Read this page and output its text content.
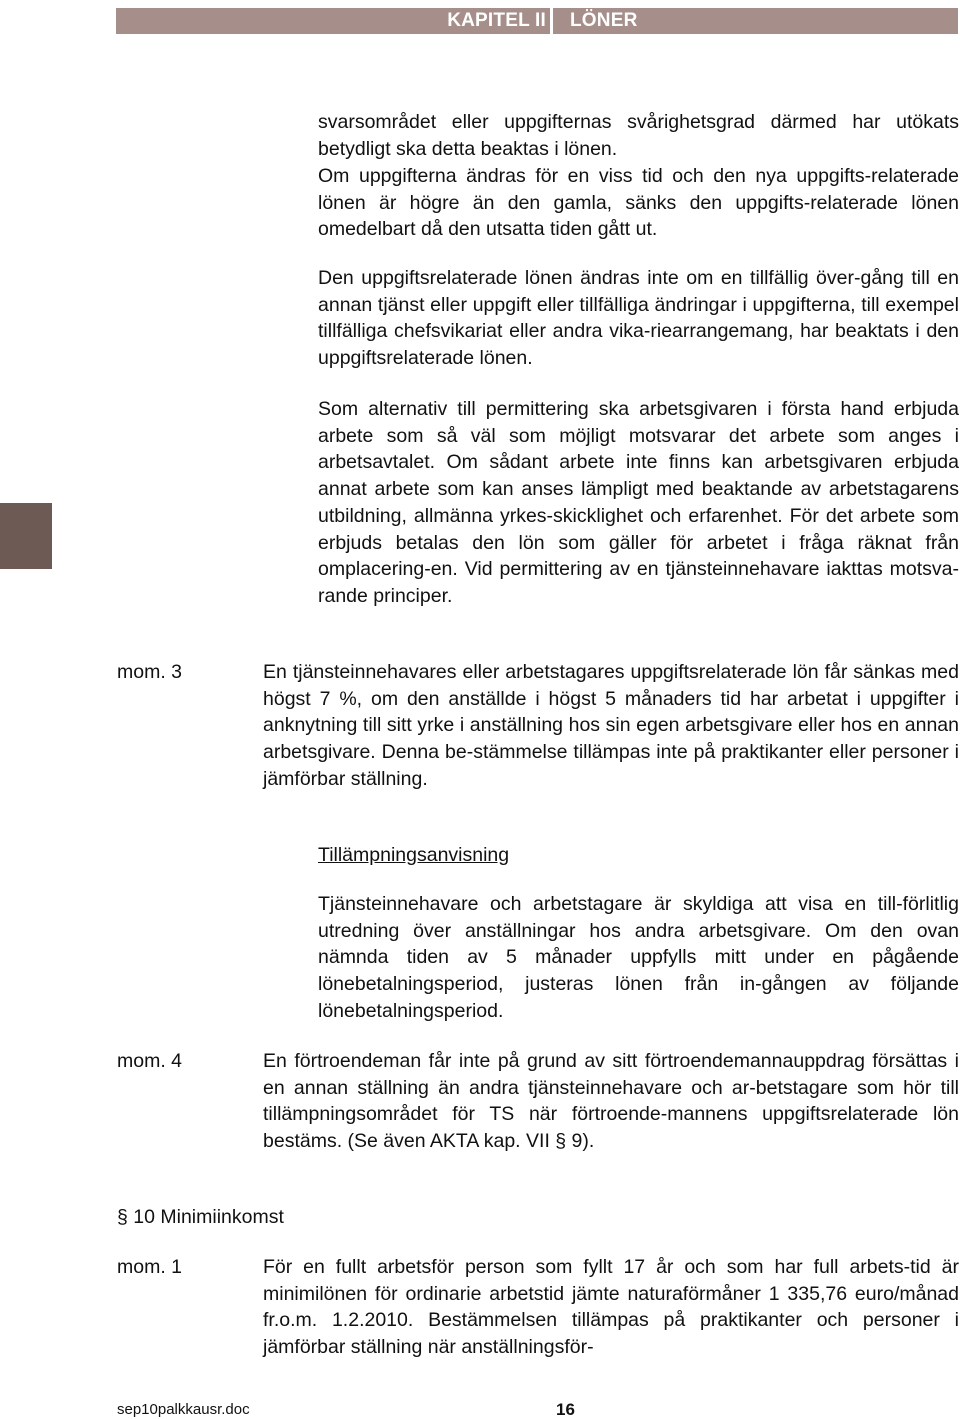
KAPITEL II LÖNER

svarsområdet eller uppgifternas svårighetsgrad därmed har utökats betydligt ska detta beaktas i lönen.

Om uppgifterna ändras för en viss tid och den nya uppgifts-relaterade lönen är högre än den gamla, sänks den uppgifts-relaterade lönen omedelbart då den utsatta tiden gått ut.

Den uppgiftsrelaterade lönen ändras inte om en tillfällig över-gång till en annan tjänst eller uppgift eller tillfälliga ändringar i uppgifterna, till exempel tillfälliga chefsvikariat eller andra vika-riearrangemang, har beaktats i den uppgiftsrelaterade lönen.

Som alternativ till permittering ska arbetsgivaren i första hand erbjuda arbete som så väl som möjligt motsvarar det arbete som anges i arbetsavtalet. Om sådant arbete inte finns kan arbetsgivaren erbjuda annat arbete som kan anses lämpligt med beaktande av arbetstagarens utbildning, allmänna yrkes-skicklighet och erfarenhet. För det arbete som erbjuds betalas den lön som gäller för arbetet i fråga räknat från omplacering-en. Vid permittering av en tjänsteinnehavare iakttas motsva-rande principer.

mom. 3	En tjänsteinnehavares eller arbetstagares uppgiftsrelaterade lön får sänkas med högst 7 %, om den anställde i högst 5 månaders tid har arbetat i uppgifter i anknytning till sitt yrke i anställning hos sin egen arbetsgivare eller hos en annan arbetsgivare. Denna be-stämmelse tillämpas inte på praktikanter eller personer i jämförbar ställning.

Tillämpningsanvisning

Tjänsteinnehavare och arbetstagare är skyldiga att visa en till-förlitlig utredning över anställningar hos andra arbetsgivare. Om den ovan nämnda tiden av 5 månader uppfylls mitt under en pågående lönebetalningsperiod, justeras lönen från in-gången av följande lönebetalningsperiod.

mom. 4	En förtroendeman får inte på grund av sitt förtroendemannauppdrag försättas i en annan ställning än andra tjänsteinnehavare och ar-betstagare som hör till tillämpningsområdet för TS när förtroende-mannens uppgiftsrelaterade lön bestäms. (Se även AKTA kap. VII § 9).

§ 10 Minimiinkomst

mom. 1	För en fullt arbetsför person som fyllt 17 år och som har full arbets-tid är minimilönen för ordinarie arbetstid jämte naturaförmåner 1 335,76 euro/månad fr.o.m. 1.2.2010. Bestämmelsen tillämpas på praktikanter och personer i jämförbar ställning när anställningsför-

sep10palkkausr.doc	16
